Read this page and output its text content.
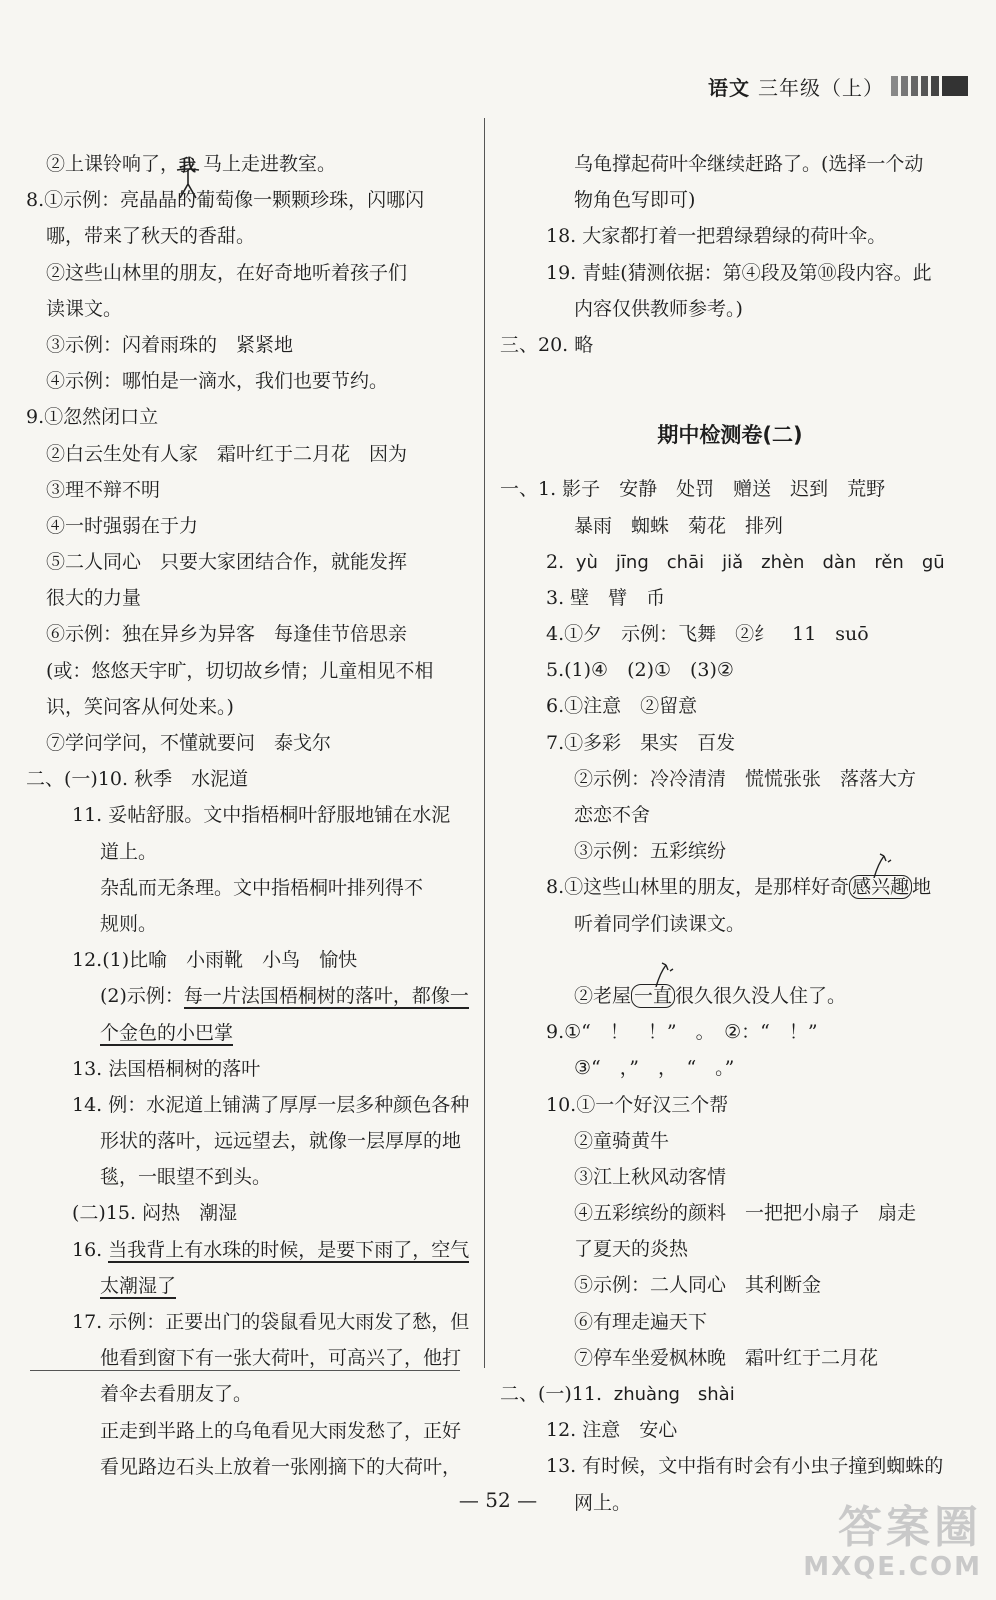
语文 三年级（上）
②上课铃响了， 我 马上走进教室。
8.①示例：亮晶晶的葡萄像一颗颗珍珠，闪哪闪
哪，带来了秋天的香甜。
②这些山林里的朋友，在好奇地听着孩子们
读课文。
③示例：闪着雨珠的　紧紧地
④示例：哪怕是一滴水，我们也要节约。
9.①忽然闭口立
②白云生处有人家　霜叶红于二月花　因为
③理不辩不明
④一时强弱在于力
⑤二人同心　只要大家团结合作，就能发挥
很大的力量
⑥示例：独在异乡为异客　每逢佳节倍思亲
(或：悠悠天宇旷，切切故乡情；儿童相见不相
识，笑问客从何处来。)
⑦学问学问，不懂就要问　泰戈尔
二、(一)10. 秋季　水泥道
11. 妥帖舒服。文中指梧桐叶舒服地铺在水泥
道上。
杂乱而无条理。文中指梧桐叶排列得不
规则。
12.(1)比喻　小雨靴　小鸟　愉快
(2)示例：每一片法国梧桐树的落叶，都像一
个金色的小巴掌
13. 法国梧桐树的落叶
14. 例：水泥道上铺满了厚厚一层多种颜色各种
形状的落叶，远远望去，就像一层厚厚的地
毯，一眼望不到头。
(二)15. 闷热　潮湿
16. 当我背上有水珠的时候，是要下雨了，空气
太潮湿了
17. 示例：正要出门的袋鼠看见大雨发了愁，但
他看到窗下有一张大荷叶，可高兴了，他打
着伞去看朋友了。
正走到半路上的乌龟看见大雨发愁了，正好
看见路边石头上放着一张刚摘下的大荷叶，
乌龟撑起荷叶伞继续赶路了。(选择一个动
物角色写即可)
18. 大家都打着一把碧绿碧绿的荷叶伞。
19. 青蛙(猜测依据：第④段及第⑩段内容。此
内容仅供教师参考。)
三、20. 略
期中检测卷(二)
一、1. 影子　安静　处罚　赠送　迟到　荒野
暴雨　蜘蛛　菊花　排列
2. yù　jīng　chāi　jiǎ　zhèn　dàn　rěn　gū
3. 壁　臂　币
4.①夕　示例：飞舞　②纟　11　suō
5.(1)④　(2)①　(3)②
6.①注意　②留意
7.①多彩　果实　百发
②示例：冷冷清清　慌慌张张　落落大方
恋恋不舍
③示例：五彩缤纷
8.①这些山林里的朋友，是那样好奇 感兴趣 地
听着同学们读课文。
②老屋 一直 很久很久没人住了。
9.①“　！　！”　。　②：“　！”
③“　，”　，　“　。”
10.①一个好汉三个帮
②童骑黄牛
③江上秋风动客情
④五彩缤纷的颜料　一把把小扇子　扇走
了夏天的炎热
⑤示例：二人同心　其利断金
⑥有理走遍天下
⑦停车坐爱枫林晚　霜叶红于二月花
二、(一)11. zhuàng　shài
12. 注意　安心
13. 有时候，文中指有时会有小虫子撞到蜘蛛的
网上。
— 52 —
答案圈
MXQE.COM
